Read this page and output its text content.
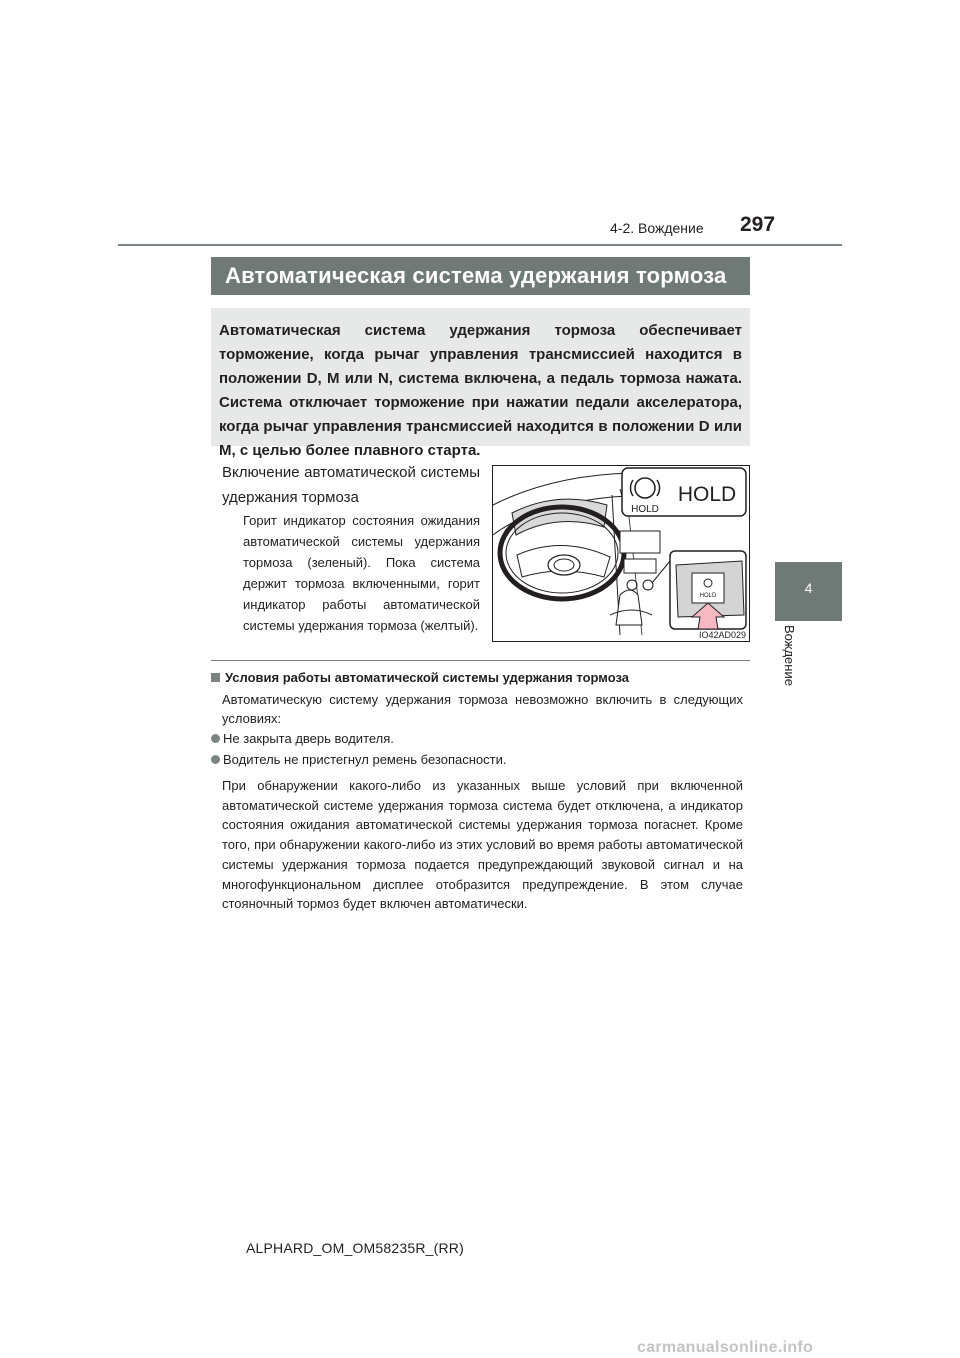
297
4-2. Вождение
4
Вождение
Автоматическая система удержания тормоза
Автоматическая система удержания тормоза обеспечивает торможение, когда рычаг управления трансмиссией находится в положении D, M или N, система включена, а педаль тормоза нажата. Система отключает торможение при нажатии педали акселератора, когда рычаг управления трансмиссией находится в положении D или M, с целью более плавного старта.
Включение автоматической системы удержания тормоза
Горит индикатор состояния ожидания автоматической системы удержания тормоза (зеленый). Пока система держит тормоза включенными, горит индикатор работы автоматической системы удержания тормоза (желтый).
HOLD
HOLD
HOLD
IO42AD029
Условия работы автоматической системы удержания тормоза
Автоматическую систему удержания тормоза невозможно включить в следующих условиях:
Не закрыта дверь водителя.
Водитель не пристегнул ремень безопасности.
При обнаружении какого-либо из указанных выше условий при включенной автоматической системе удержания тормоза система будет отключена, а индикатор состояния ожидания автоматической системы удержания тормоза погаснет. Кроме того, при обнаружении какого-либо из этих условий во время работы автоматической системы удержания тормоза подается предупреждающий звуковой сигнал и на многофункциональном дисплее отобразится предупреждение. В этом случае стояночный тормоз будет включен автоматически.
ALPHARD_OM_OM58235R_(RR)
carmanualsonline.info
